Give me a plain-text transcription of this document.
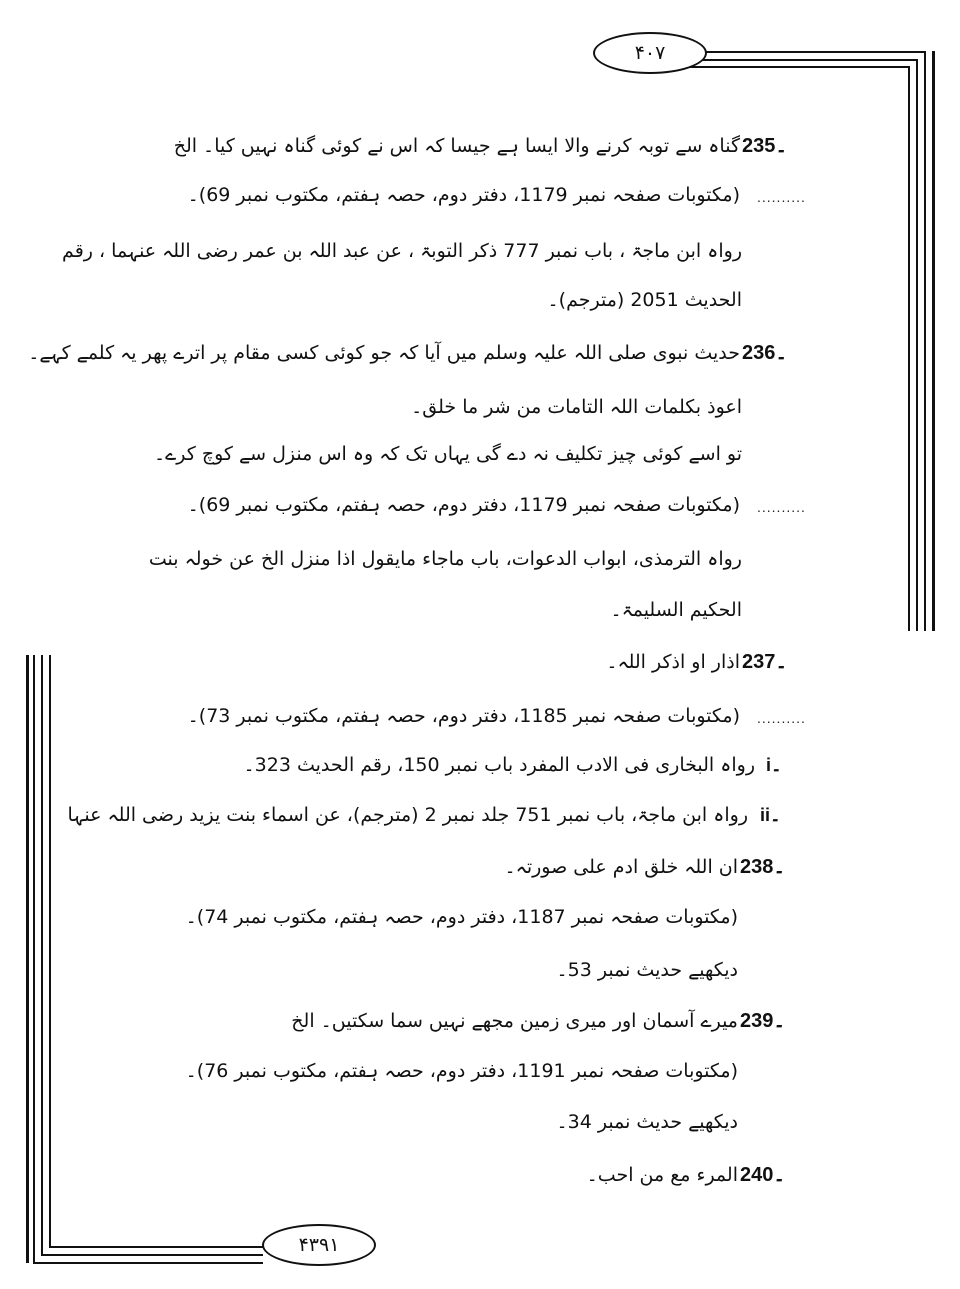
۴۰۷
۴۳۹۱
۔235
گناہ سے توبہ کرنے والا ایسا ہے جیسا کہ اس نے کوئی گناہ نہیں کیا۔ الخ
..........
(مکتوبات صفحہ نمبر 1179، دفتر دوم، حصہ ہفتم، مکتوب نمبر 69)۔
رواہ ابن ماجۃ ، باب نمبر 777 ذکر التوبۃ ، عن عبد اللہ بن عمر رضی اللہ عنہما ، رقم
الحدیث 2051 (مترجم)۔
۔236
حدیث نبوی صلی اللہ علیہ وسلم میں آیا کہ جو کوئی کسی مقام پر اترے پھر یہ کلمے کہے۔
اعوذ بکلمات اللہ التامات من شر ما خلق۔
تو اسے کوئی چیز تکلیف نہ دے گی یہاں تک کہ وہ اس منزل سے کوچ کرے۔
..........
(مکتوبات صفحہ نمبر 1179، دفتر دوم، حصہ ہفتم، مکتوب نمبر 69)۔
رواہ الترمذی، ابواب الدعوات، باب ماجاء مایقول اذا منزل الخ عن خولہ بنت
الحکیم السلیمۃ۔
۔237
اذار او اذکر اللہ۔
..........
(مکتوبات صفحہ نمبر 1185، دفتر دوم، حصہ ہفتم، مکتوب نمبر 73)۔
i۔
رواہ البخاری فی الادب المفرد باب نمبر 150، رقم الحدیث 323۔
ii۔
رواہ ابن ماجۃ، باب نمبر 751 جلد نمبر 2 (مترجم)، عن اسماء بنت یزید رضی اللہ عنہا
۔238
ان اللہ خلق ادم علی صورتہ۔
(مکتوبات صفحہ نمبر 1187، دفتر دوم، حصہ ہفتم، مکتوب نمبر 74)۔
دیکھیے حدیث نمبر 53۔
۔239
میرے آسمان اور میری زمین مجھے نہیں سما سکتیں۔ الخ
(مکتوبات صفحہ نمبر 1191، دفتر دوم، حصہ ہفتم، مکتوب نمبر 76)۔
دیکھیے حدیث نمبر 34۔
۔240
المرء مع من احب۔
